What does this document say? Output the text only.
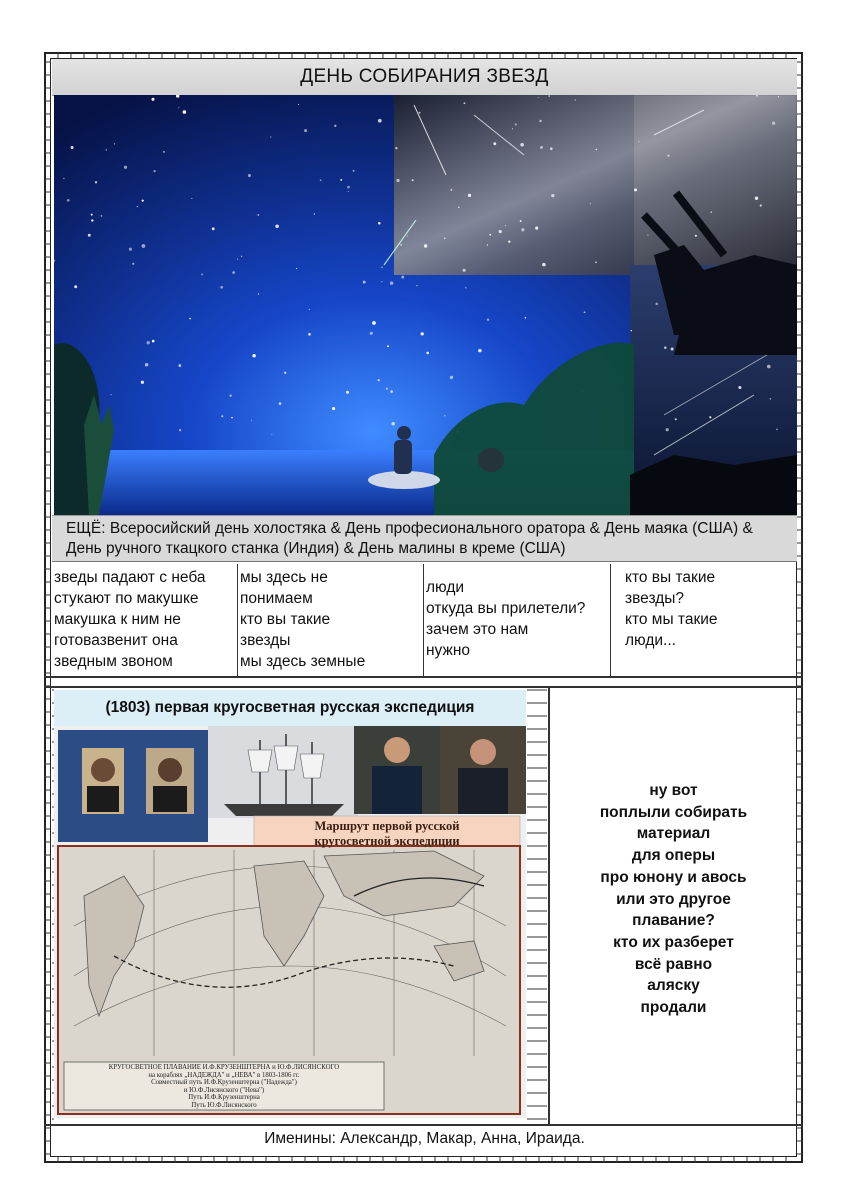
ДЕНЬ СОБИРАНИЯ ЗВЕЗД
ЕЩЁ: Всеросийский день холостяка & День професионального оратора & День маяка (США) & День ручного ткацкого станка (Индия) & День малины в креме (США)
зведы падают с неба
стукают по макушке
макушка к ним не
готовазвенит она
зведным звоном
мы здесь не
понимаем
кто вы такие
звезды
мы здесь земные
люди
откуда вы прилетели?
зачем это нам
нужно
кто вы такие
звезды?
кто мы такие
люди...
(1803) первая кругосветная русская экспедиция
Маршрут первой русской
кругосветной экспедиции
КРУГОСВЕТНОЕ ПЛАВАНИЕ И.Ф.КРУЗЕНШТЕРНА и Ю.Ф.ЛИСЯНСКОГО
на кораблях „НАДЕЖДА" и „НЕВА" в 1803-1806 гг.
Совместный путь И.Ф.Крузенштерна ("Надежда")
и Ю.Ф.Лисянского ("Нева")
Путь И.Ф.Крузенштерна
Путь Ю.Ф.Лисянского
ну вот
поплыли собирать
материал
для оперы
про юнону и авось
или это другое
плавание?
кто их разберет
всё равно
аляску
продали
Именины: Александр, Макар, Анна, Ираида.
